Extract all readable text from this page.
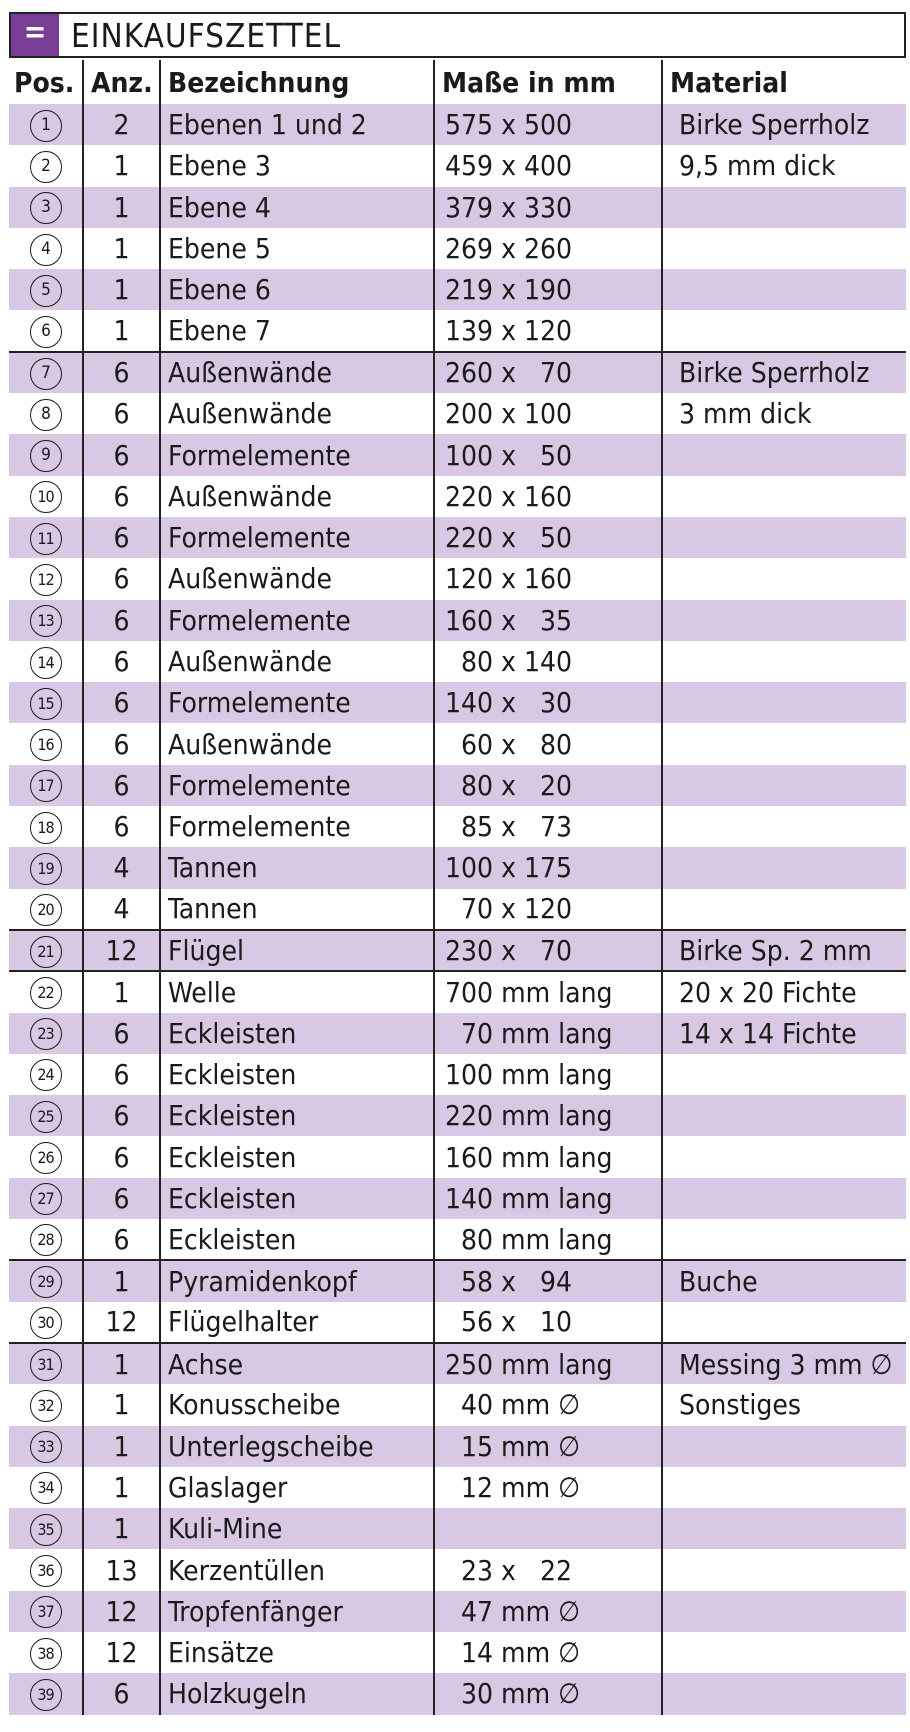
= EINKAUFSZETTEL
Pos.	Anz.	Bezeichnung	Maße in mm	Material
1	2	Ebenen 1 und 2	575 x 500	Birke Sperrholz
2	1	Ebene 3	459 x 400	9,5 mm dick
3	1	Ebene 4	379 x 330	
4	1	Ebene 5	269 x 260	
5	1	Ebene 6	219 x 190	
6	1	Ebene 7	139 x 120	
7	6	Außenwände	260 x   70	Birke Sperrholz
8	6	Außenwände	200 x 100	3 mm dick
9	6	Formelemente	100 x   50	
10	6	Außenwände	220 x 160	
11	6	Formelemente	220 x   50	
12	6	Außenwände	120 x 160	
13	6	Formelemente	160 x   35	
14	6	Außenwände	80 x 140	
15	6	Formelemente	140 x   30	
16	6	Außenwände	60 x   80	
17	6	Formelemente	80 x   20	
18	6	Formelemente	85 x   73	
19	4	Tannen	100 x 175	
20	4	Tannen	70 x 120	
21	12	Flügel	230 x   70	Birke Sp. 2 mm
22	1	Welle	700 mm lang	20 x 20 Fichte
23	6	Eckleisten	70 mm lang	14 x 14 Fichte
24	6	Eckleisten	100 mm lang	
25	6	Eckleisten	220 mm lang	
26	6	Eckleisten	160 mm lang	
27	6	Eckleisten	140 mm lang	
28	6	Eckleisten	80 mm lang	
29	1	Pyramidenkopf	58 x   94	Buche
30	12	Flügelhalter	56 x   10	
31	1	Achse	250 mm lang	Messing 3 mm ∅
32	1	Konusscheibe	40 mm ∅	Sonstiges
33	1	Unterlegscheibe	15 mm ∅	
34	1	Glaslager	12 mm ∅	
35	1	Kuli-Mine		
36	13	Kerzentüllen	23 x   22	
37	12	Tropfenfänger	47 mm ∅	
38	12	Einsätze	14 mm ∅	
39	6	Holzkugeln	30 mm ∅	
